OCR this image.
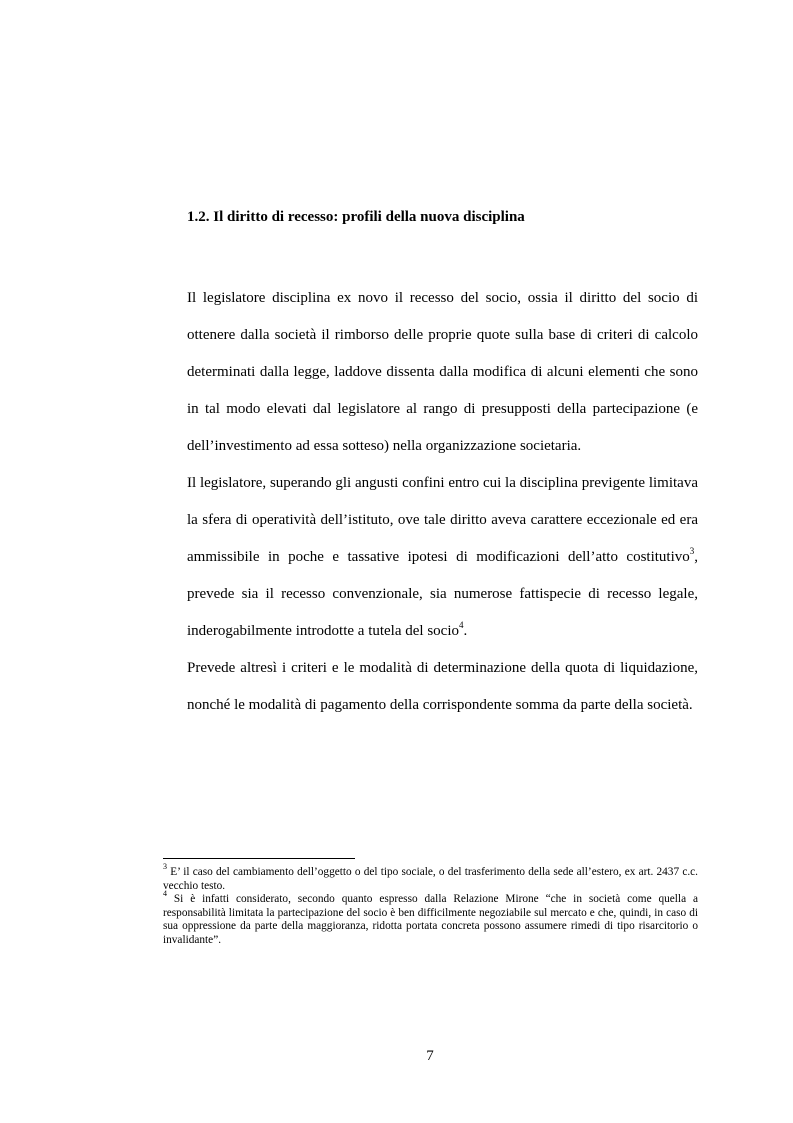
1.2. Il diritto di recesso: profili della nuova disciplina

Il legislatore disciplina ex novo il recesso del socio, ossia il diritto del socio di ottenere dalla società il rimborso delle proprie quote sulla base di criteri di calcolo determinati dalla legge, laddove dissenta dalla modifica di alcuni elementi che sono in tal modo elevati dal legislatore al rango di presupposti della partecipazione (e dell’investimento ad essa sotteso) nella organizzazione societaria.

Il legislatore, superando gli angusti confini entro cui la disciplina previgente limitava la sfera di operatività dell’istituto, ove tale diritto aveva carattere eccezionale ed era ammissibile in poche e tassative ipotesi di modificazioni dell’atto costitutivo$^3$, prevede sia il recesso convenzionale, sia numerose fattispecie di recesso legale, inderogabilmente introdotte a tutela del socio$^4$.

Prevede altresì i criteri e le modalità di determinazione della quota di liquidazione, nonché le modalità di pagamento della corrispondente somma da parte della società.

$^3$ E’ il caso del cambiamento dell’oggetto o del tipo sociale, o del trasferimento della sede all’estero, ex art. 2437 c.c. vecchio testo.

$^4$ Si è infatti considerato, secondo quanto espresso dalla Relazione Mirone “che in società come quella a responsabilità limitata la partecipazione del socio è ben difficilmente negoziabile sul mercato e che, quindi, in caso di sua oppressione da parte della maggioranza, ridotta portata concreta possono assumere rimedi di tipo risarcitorio o invalidante”.

7
